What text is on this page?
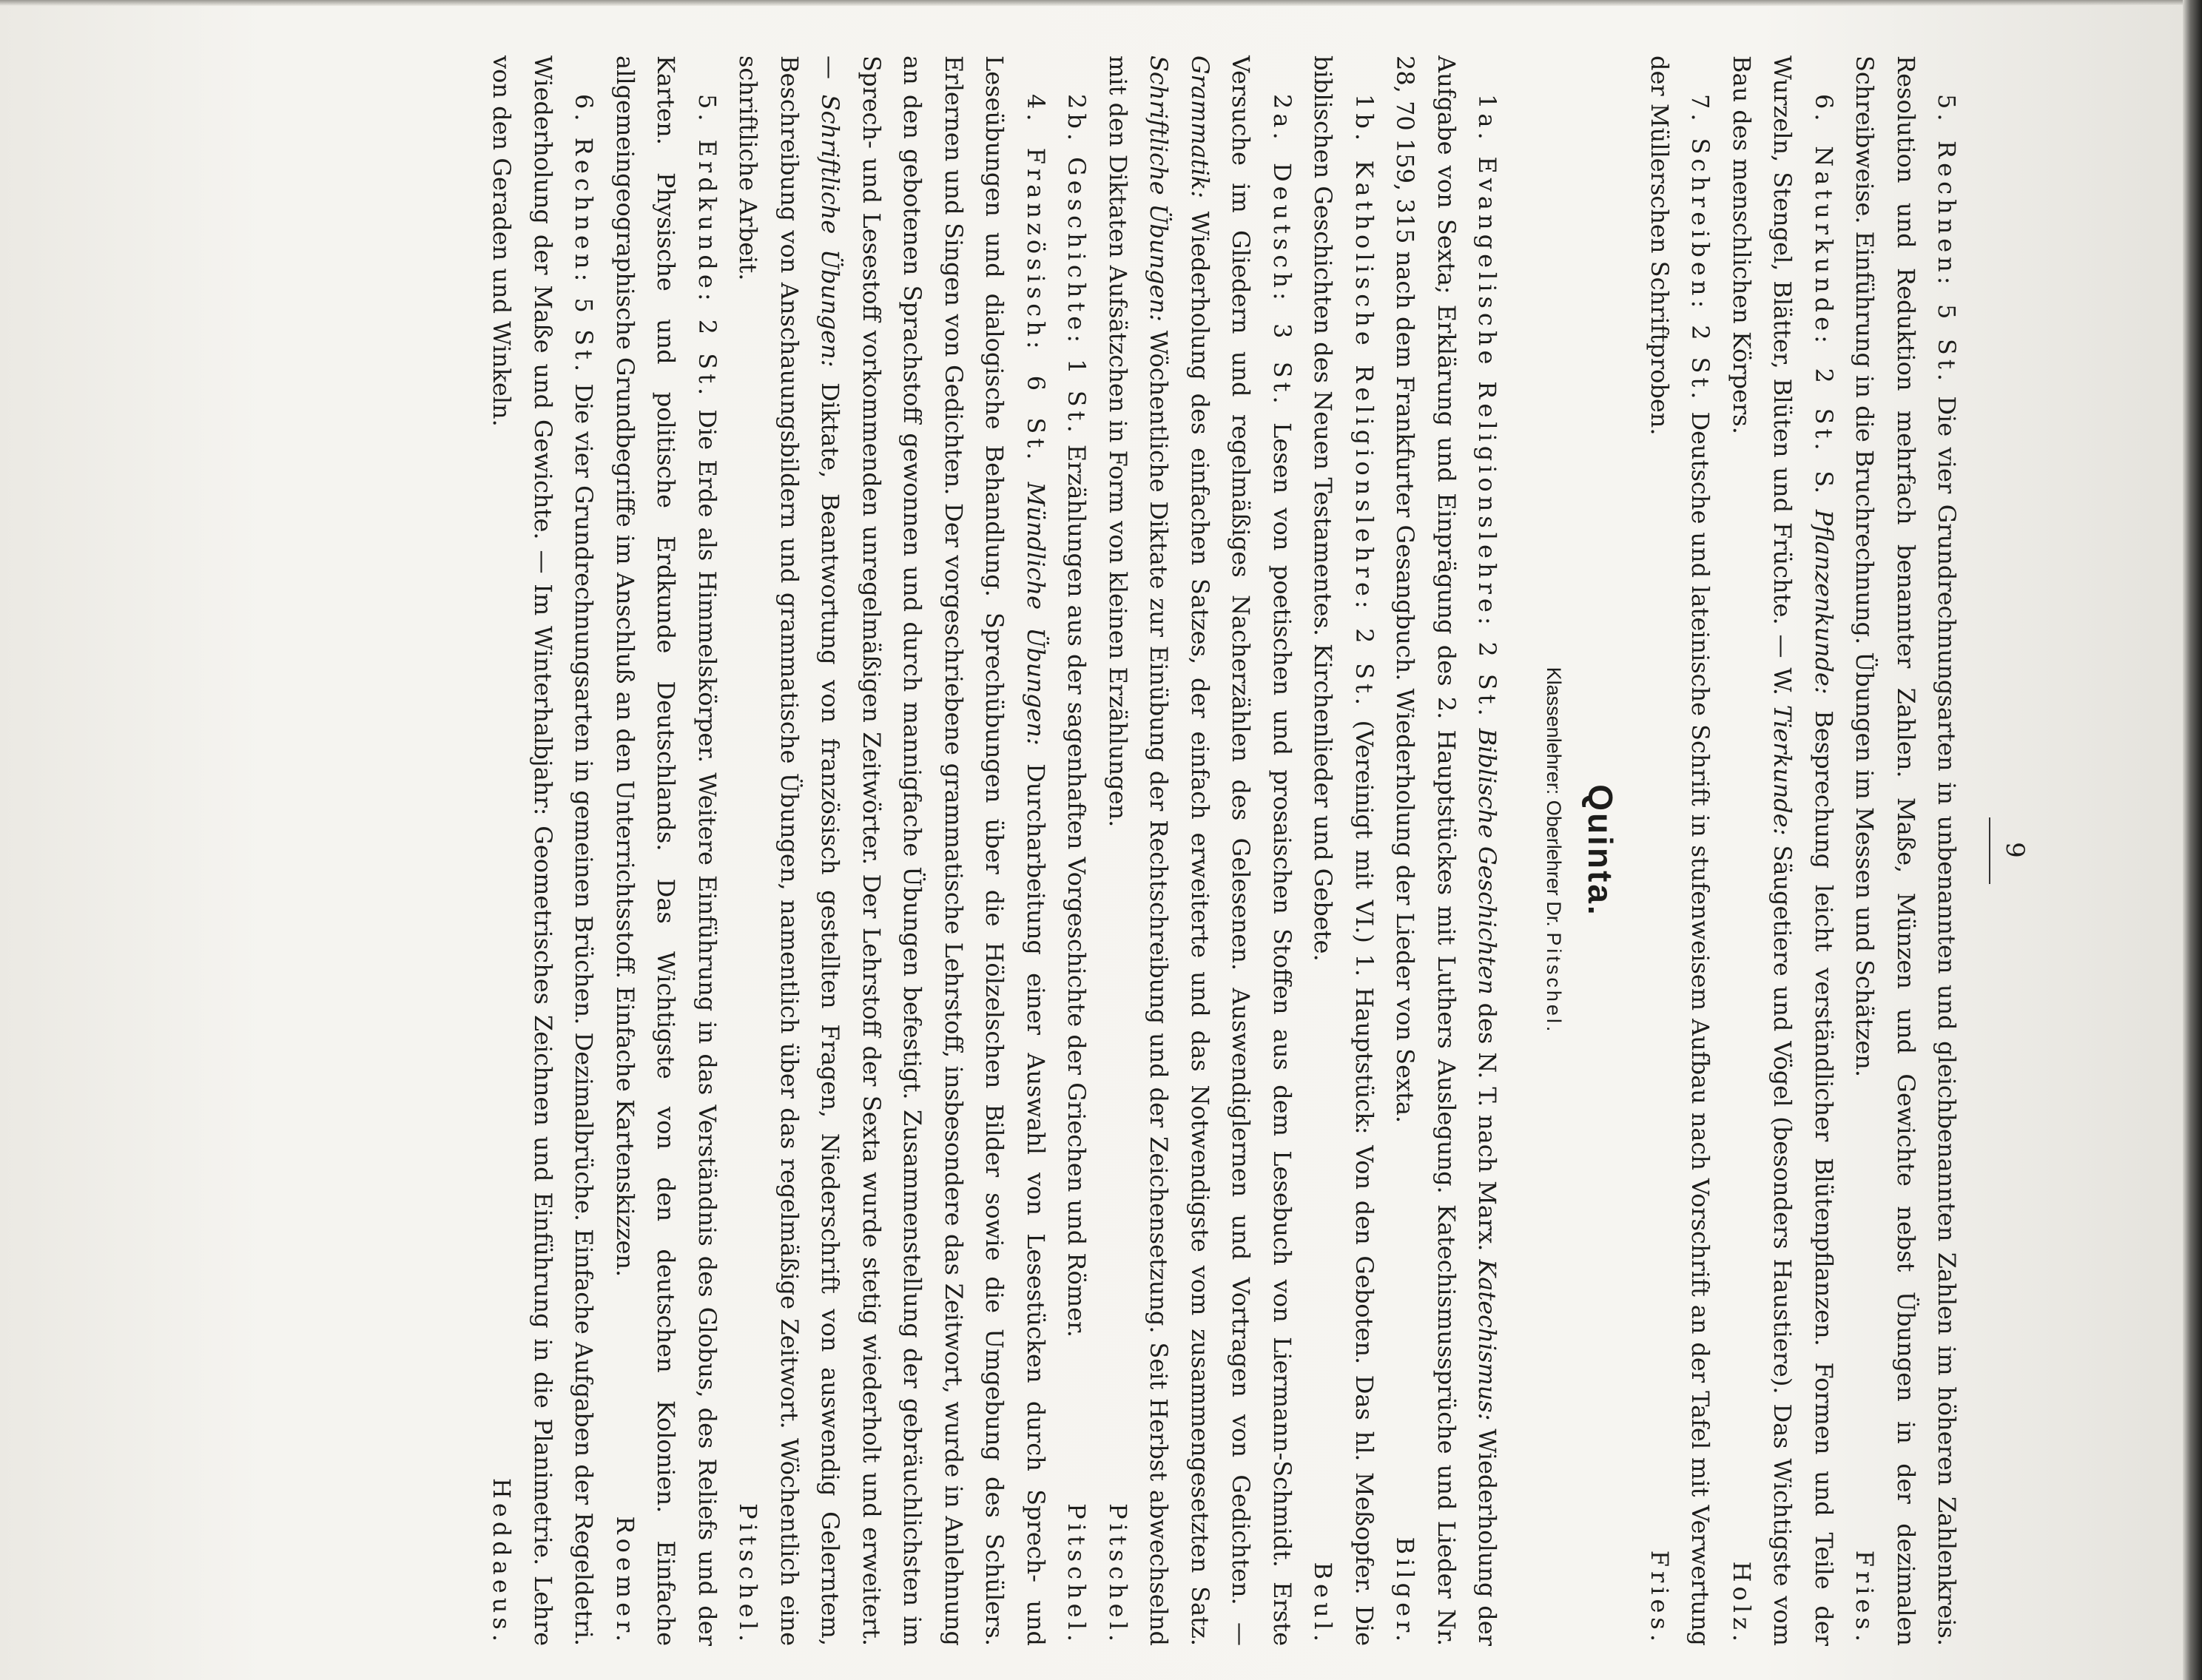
9

5. Rechnen: 5 St. Die vier Grundrechnungsarten in unbenannten und gleichbenannten Zahlen im höheren Zahlenkreis. Resolution und Reduktion mehrfach benannter Zahlen. Maße, Münzen und Gewichte nebst Übungen in der dezimalen Schreibweise. Einführung in die Bruchrechnung. Übungen im Messen und Schätzen.
Fries.

6. Naturkunde: 2 St. S. Pflanzenkunde: Besprechung leicht verständlicher Blütenpflanzen. Formen und Teile der Wurzeln, Stengel, Blätter, Blüten und Früchte. — W. Tierkunde: Säugetiere und Vögel (besonders Haustiere). Das Wichtigste vom Bau des menschlichen Körpers.
Holz.

7. Schreiben: 2 St. Deutsche und lateinische Schrift in stufenweisem Aufbau nach Vorschrift an der Tafel mit Verwertung der Müllerschen Schriftproben.
Fries.

Quinta.
Klassenlehrer: Oberlehrer Dr. Pitschel.

1a. Evangelische Religionslehre: 2 St. Biblische Geschichten des N. T. nach Marx. Katechismus: Wiederholung der Aufgabe von Sexta; Erklärung und Einprägung des 2. Hauptstückes mit Luthers Auslegung. Katechismussprüche und Lieder Nr. 28, 70 159, 315 nach dem Frankfurter Gesangbuch. Wiederholung der Lieder von Sexta.
Bilger.

1b. Katholische Religionslehre: 2 St. (Vereinigt mit VI.) 1. Hauptstück: Von den Geboten. Das hl. Meßopfer. Die biblischen Geschichten des Neuen Testamentes. Kirchenlieder und Gebete.
Beul.

2a. Deutsch: 3 St. Lesen von poetischen und prosaischen Stoffen aus dem Lesebuch von Liermann-Schmidt. Erste Versuche im Gliedern und regelmäßiges Nacherzählen des Gelesenen. Auswendiglernen und Vortragen von Gedichten. — Grammatik: Wiederholung des einfachen Satzes, der einfach erweiterte und das Notwendigste vom zusammengesetzten Satz. Schriftliche Übungen: Wöchentliche Diktate zur Einübung der Rechtschreibung und der Zeichensetzung. Seit Herbst abwechselnd mit den Diktaten Aufsätzchen in Form von kleinen Erzählungen.
Pitschel.

2b. Geschichte: 1 St. Erzählungen aus der sagenhaften Vorgeschichte der Griechen und Römer.
Pitschel.

4. Französisch: 6 St. Mündliche Übungen: Durcharbeitung einer Auswahl von Lesestücken durch Sprech- und Leseübungen und dialogische Behandlung. Sprechübungen über die Hölzelschen Bilder sowie die Umgebung des Schülers. Erlernen und Singen von Gedichten. Der vorgeschriebene grammatische Lehrstoff, insbesondere das Zeitwort, wurde in Anlehnung an den gebotenen Sprachstoff gewonnen und durch mannigfache Übungen befestigt. Zusammenstellung der gebräuchlichsten im Sprech- und Lesestoff vorkommenden unregelmäßigen Zeitwörter. Der Lehrstoff der Sexta wurde stetig wiederholt und erweitert. — Schriftliche Übungen: Diktate, Beantwortung von französisch gestellten Fragen, Niederschrift von auswendig Gelerntem, Beschreibung von Anschauungsbildern und grammatische Übungen, namentlich über das regelmäßige Zeitwort. Wöchentlich eine schriftliche Arbeit.
Pitschel.

5. Erdkunde: 2 St. Die Erde als Himmelskörper. Weitere Einführung in das Verständnis des Globus, des Reliefs und der Karten. Physische und politische Erdkunde Deutschlands. Das Wichtigste von den deutschen Kolonien. Einfache allgemeingeographische Grundbegriffe im Anschluß an den Unterrichtsstoff. Einfache Kartenskizzen.
Roemer.

6. Rechnen: 5 St. Die vier Grundrechnungsarten in gemeinen Brüchen. Dezimalbrüche. Einfache Aufgaben der Regeldetri. Wiederholung der Maße und Gewichte. — Im Winterhalbjahr: Geometrisches Zeichnen und Einführung in die Planimetrie. Lehre von den Geraden und Winkeln.
Heddaeus.
